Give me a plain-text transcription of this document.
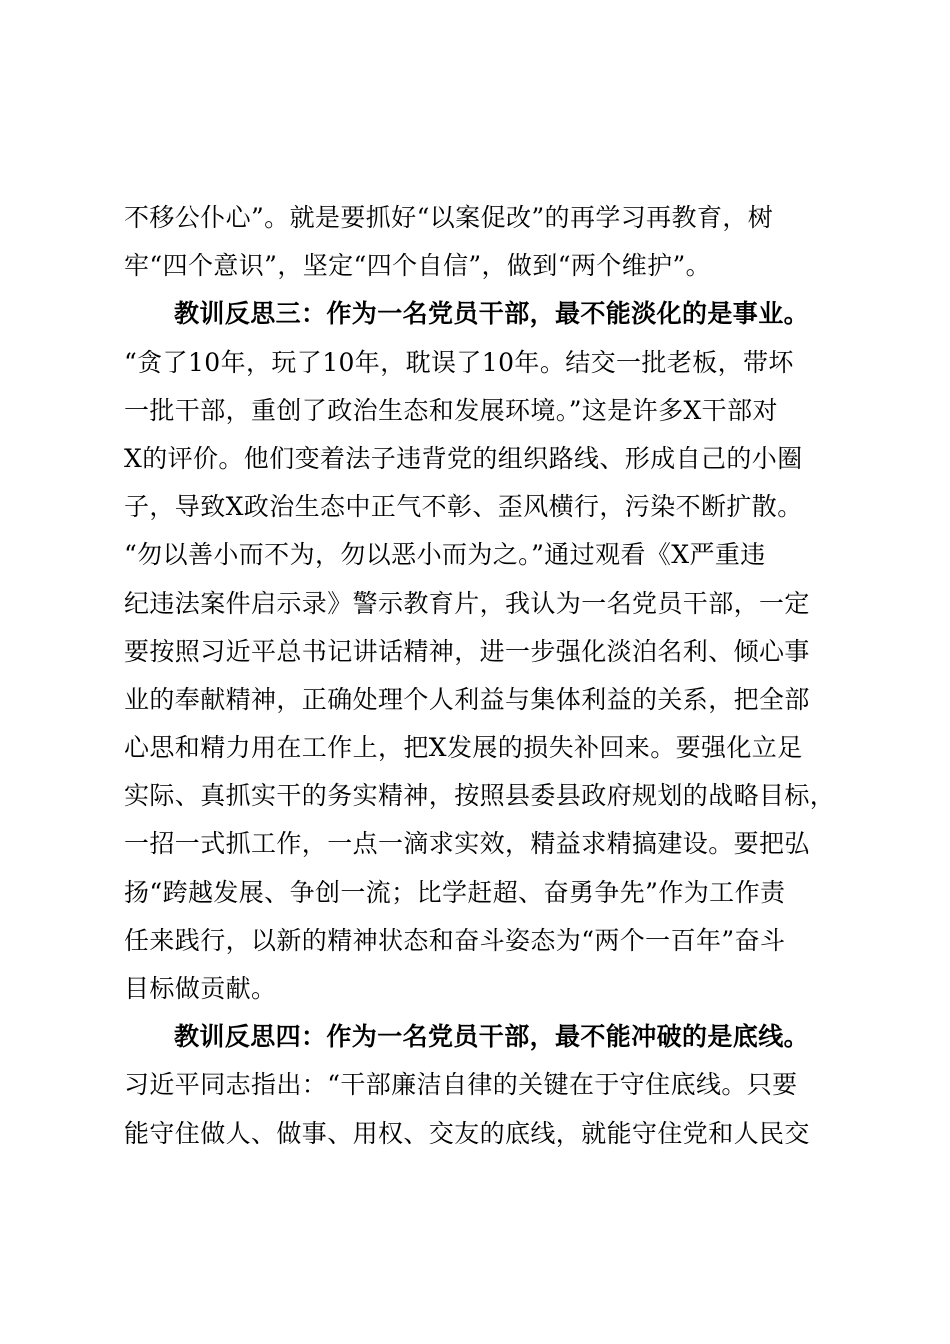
不移公仆心”。就是要抓好“以案促改”的再学习再教育，树
牢“四个意识”，坚定“四个自信”，做到“两个维护”。
教训反思三：作为一名党员干部，最不能淡化的是事业。
“贪了10年，玩了10年，耽误了10年。结交一批老板，带坏
一批干部，重创了政治生态和发展环境。”这是许多X干部对
X的评价。他们变着法子违背党的组织路线、形成自己的小圈
子，导致X政治生态中正气不彰、歪风横行，污染不断扩散。
“勿以善小而不为，勿以恶小而为之。”通过观看《X严重违
纪违法案件启示录》警示教育片，我认为一名党员干部，一定
要按照习近平总书记讲话精神，进一步强化淡泊名利、倾心事
业的奉献精神，正确处理个人利益与集体利益的关系，把全部
心思和精力用在工作上，把X发展的损失补回来。要强化立足
实际、真抓实干的务实精神，按照县委县政府规划的战略目标，
一招一式抓工作，一点一滴求实效，精益求精搞建设。要把弘
扬“跨越发展、争创一流；比学赶超、奋勇争先”作为工作责
任来践行，以新的精神状态和奋斗姿态为“两个一百年”奋斗
目标做贡献。
教训反思四：作为一名党员干部，最不能冲破的是底线。
习近平同志指出：“干部廉洁自律的关键在于守住底线。只要
能守住做人、做事、用权、交友的底线，就能守住党和人民交
